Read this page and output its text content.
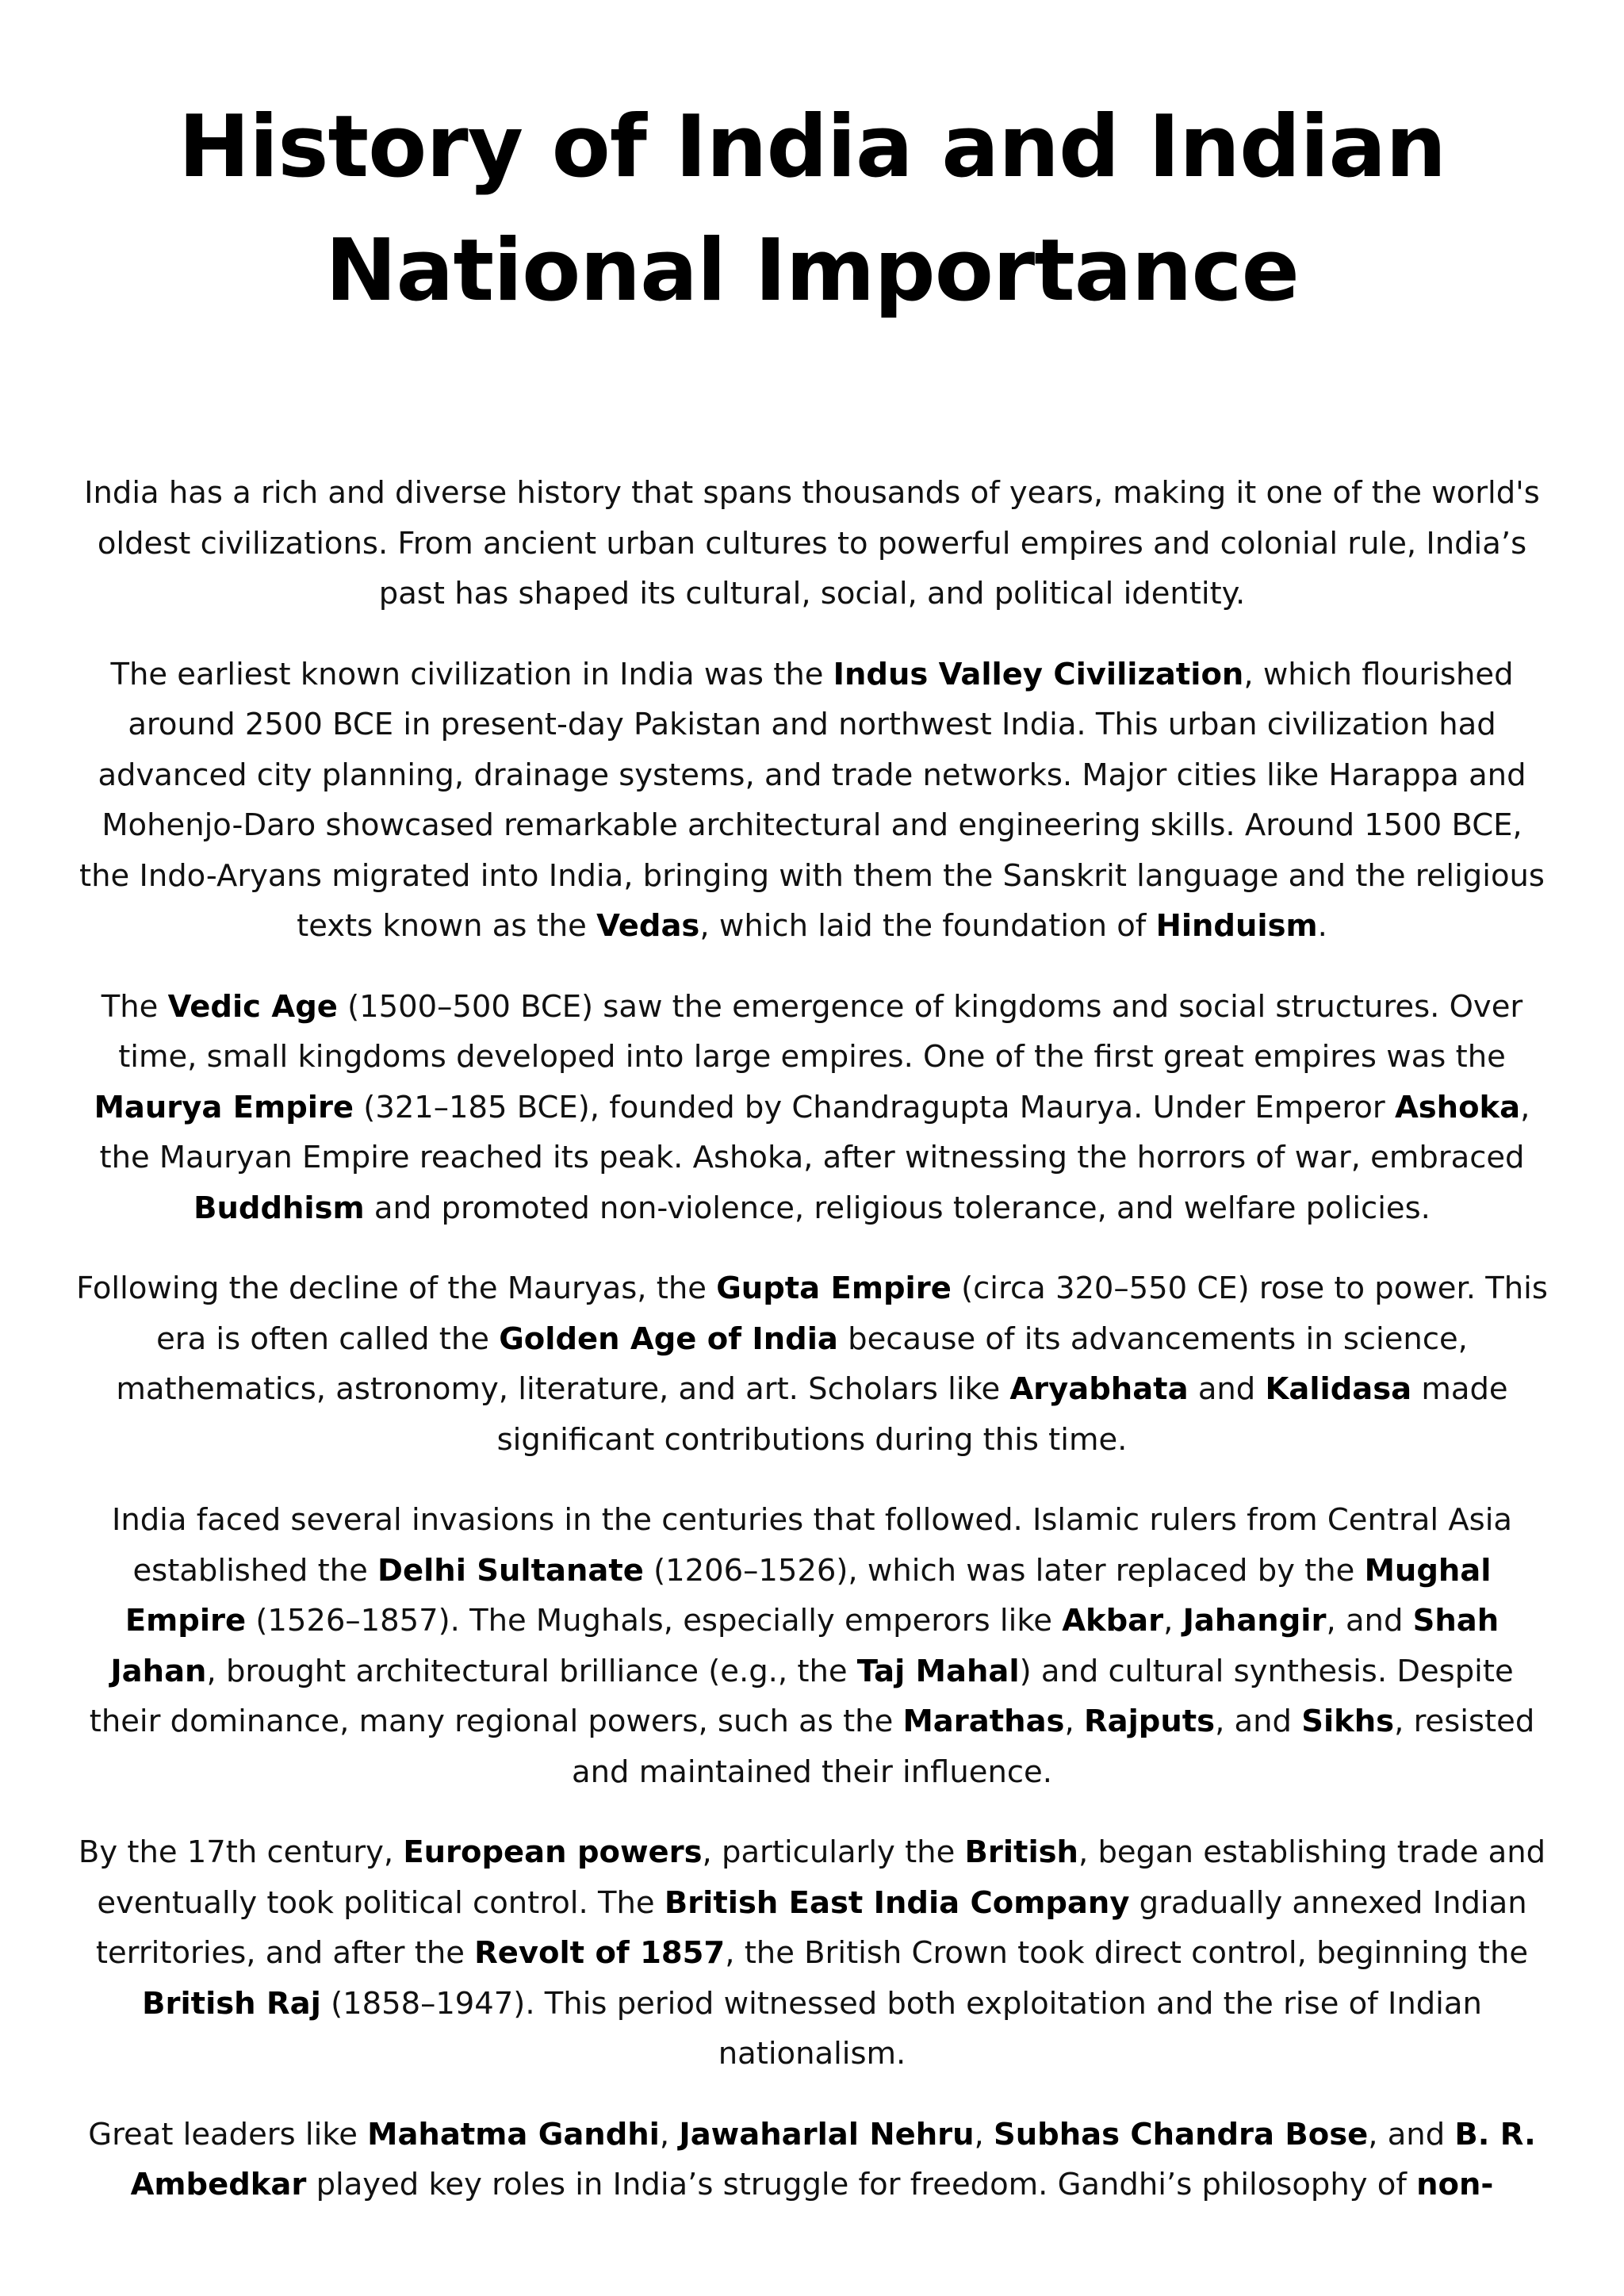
History of India and Indian
National Importance

India has a rich and diverse history that spans thousands of years, making it one of the world's oldest civilizations. From ancient urban cultures to powerful empires and colonial rule, India’s past has shaped its cultural, social, and political identity.

The earliest known civilization in India was the Indus Valley Civilization, which flourished around 2500 BCE in present-day Pakistan and northwest India. This urban civilization had advanced city planning, drainage systems, and trade networks. Major cities like Harappa and Mohenjo-Daro showcased remarkable architectural and engineering skills. Around 1500 BCE, the Indo-Aryans migrated into India, bringing with them the Sanskrit language and the religious texts known as the Vedas, which laid the foundation of Hinduism.

The Vedic Age (1500–500 BCE) saw the emergence of kingdoms and social structures. Over time, small kingdoms developed into large empires. One of the first great empires was the Maurya Empire (321–185 BCE), founded by Chandragupta Maurya. Under Emperor Ashoka, the Mauryan Empire reached its peak. Ashoka, after witnessing the horrors of war, embraced Buddhism and promoted non-violence, religious tolerance, and welfare policies.

Following the decline of the Mauryas, the Gupta Empire (circa 320–550 CE) rose to power. This era is often called the Golden Age of India because of its advancements in science, mathematics, astronomy, literature, and art. Scholars like Aryabhata and Kalidasa made significant contributions during this time.

India faced several invasions in the centuries that followed. Islamic rulers from Central Asia established the Delhi Sultanate (1206–1526), which was later replaced by the Mughal Empire (1526–1857). The Mughals, especially emperors like Akbar, Jahangir, and Shah Jahan, brought architectural brilliance (e.g., the Taj Mahal) and cultural synthesis. Despite their dominance, many regional powers, such as the Marathas, Rajputs, and Sikhs, resisted and maintained their influence.

By the 17th century, European powers, particularly the British, began establishing trade and eventually took political control. The British East India Company gradually annexed Indian territories, and after the Revolt of 1857, the British Crown took direct control, beginning the British Raj (1858–1947). This period witnessed both exploitation and the rise of Indian nationalism.

Great leaders like Mahatma Gandhi, Jawaharlal Nehru, Subhas Chandra Bose, and B. R. Ambedkar played key roles in India’s struggle for freedom. Gandhi’s philosophy of non-
